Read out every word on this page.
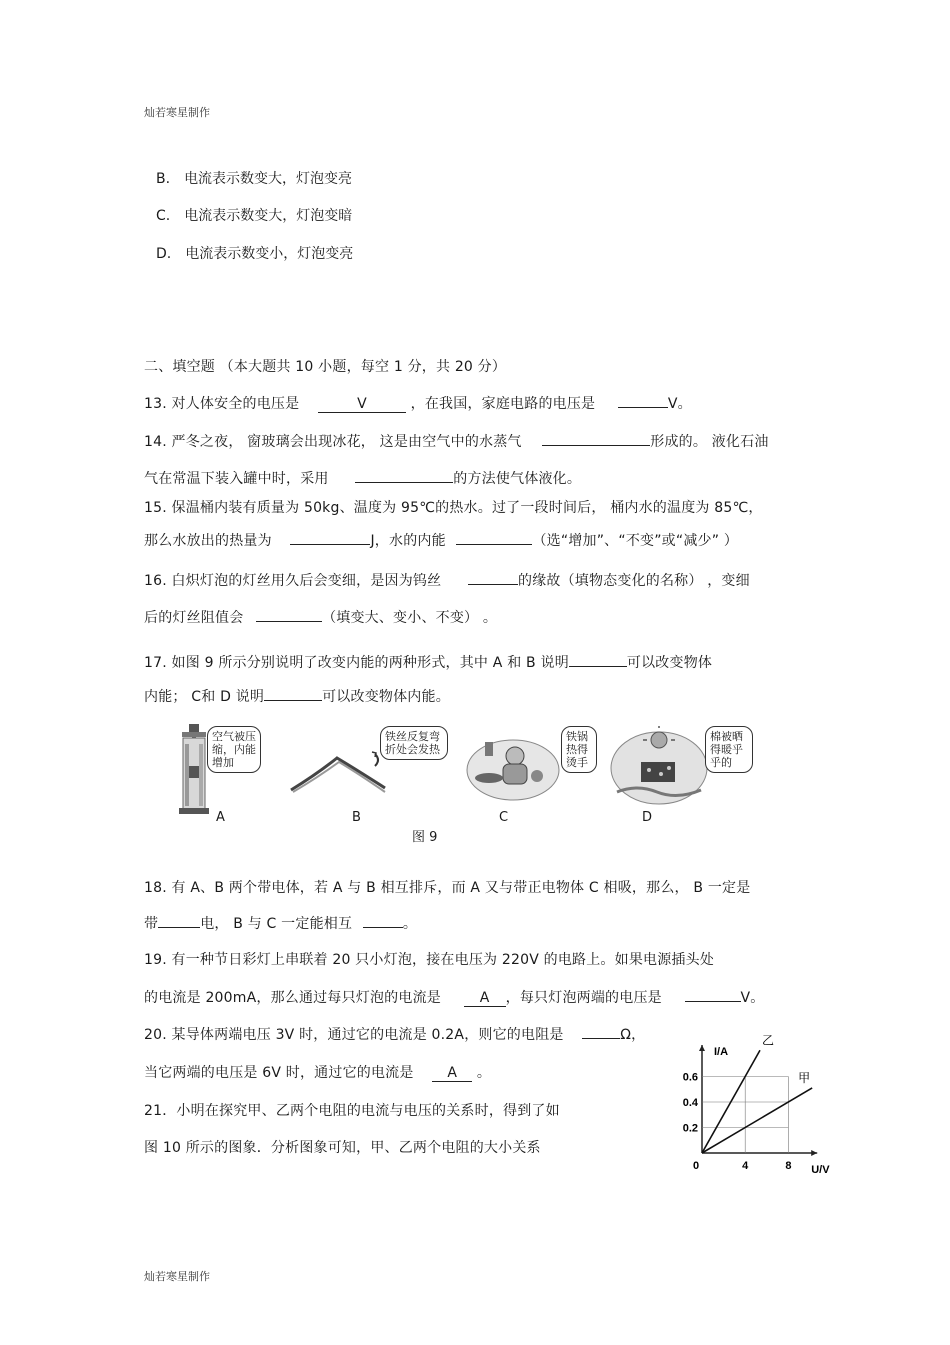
灿若寒星制作
B. 电流表示数变大，灯泡变亮
C. 电流表示数变大，灯泡变暗
D. 电流表示数变小，灯泡变亮
二、填空题 （本大题共 10 小题，每空 1 分，共 20 分）
13. 对人体安全的电压是	V	，在我国，家庭电路的电压是	V。
14. 严冬之夜， 窗玻璃会出现冰花， 这是由空气中的水蒸气	形成的。 液化石油
气在常温下装入罐中时，采用	的方法使气体液化。
15. 保温桶内装有质量为 50kg、温度为 95℃的热水。过了一段时间后， 桶内水的温度为 85℃，
那么水放出的热量为	J，水的内能	（选“增加”、“不变”或“减少” ）
16. 白炽灯泡的灯丝用久后会变细，是因为钨丝	的缘故（填物态变化的名称） ，变细
后的灯丝阻值会	（填变大、变小、不变） 。
17. 如图 9 所示分别说明了改变内能的两种形式，其中 A 和 B 说明	可以改变物体
内能； C和 D 说明	可以改变物体内能。
空气被压缩，内能增加
铁丝反复弯折处会发热
铁锅热得烫手
棉被晒得暖乎乎的
A	B	C	D
图 9
18. 有 A、B 两个带电体，若 A 与 B 相互排斥，而 A 又与带正电物体 C 相吸，那么， B 一定是
带	电， B 与 C 一定能相互	。
19. 有一种节日彩灯上串联着 20 只小灯泡，接在电压为 220V 的电路上。如果电源插头处
的电流是 200mA，那么通过每只灯泡的电流是	A ，每只灯泡两端的电压是	V。
20. 某导体两端电压 3V 时，通过它的电流是 0.2A，则它的电阻是	Ω，
当它两端的电压是 6V 时，通过它的电流是 A 。
21．小明在探究甲、乙两个电阻的电流与电压的关系时，得到了如
图 10 所示的图象．分析图象可知，甲、乙两个电阻的大小关系
0.2
0.4
0.6
0	4	8
I/A
U/V
乙
甲
灿若寒星制作
